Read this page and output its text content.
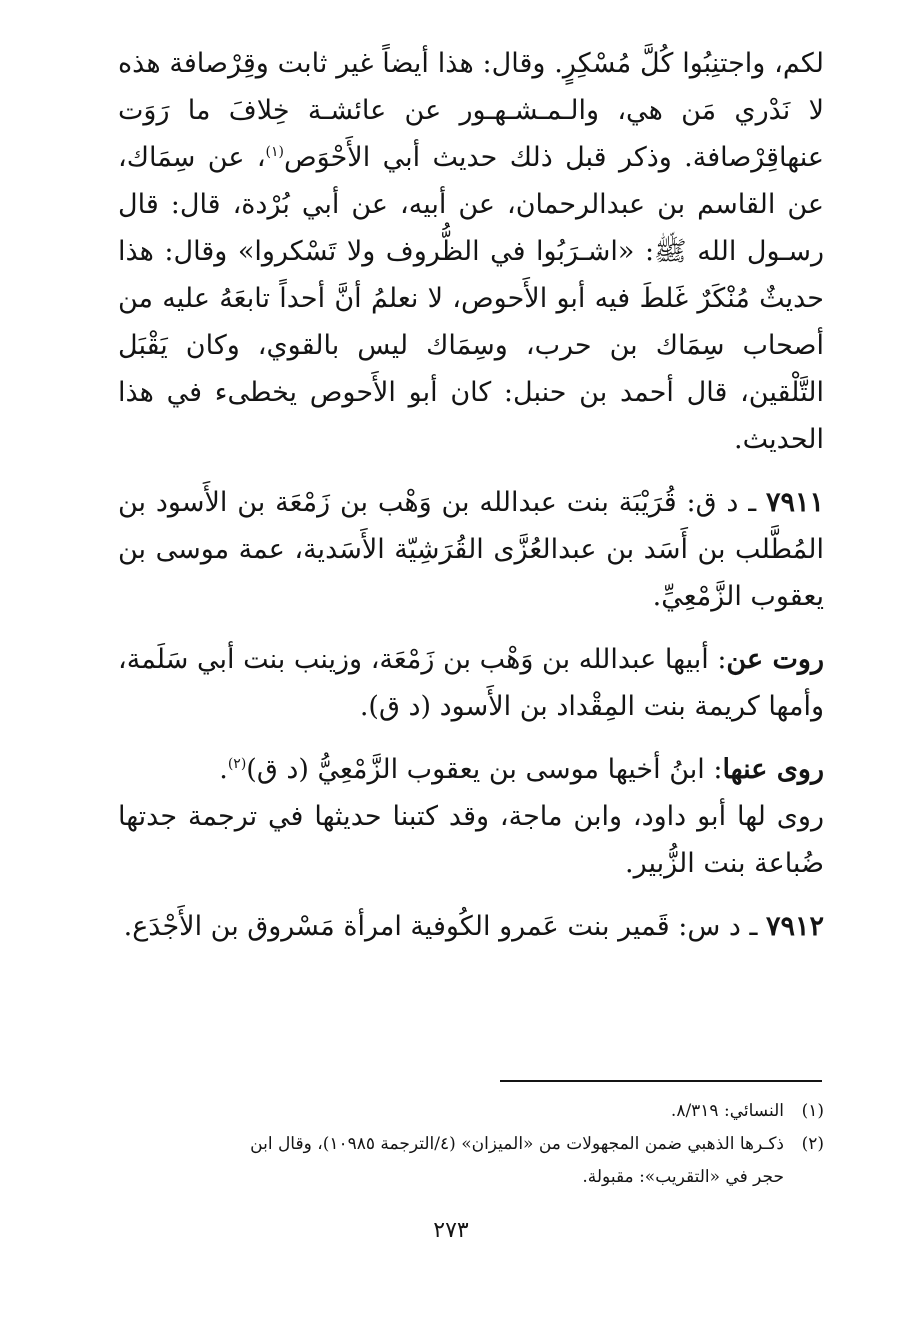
لكم، واجتنِبُوا كُلَّ مُسْكِرٍ. وقال: هذا أيضاً غير ثابت وقِرْصافة هذه لا نَدْري مَن هي، والـمـشـهـور عن عائشـة خِلافَ ما رَوَت عنهاقِرْصافة. وذكر قبل ذلك حديث أبي الأَحْوَص$^{(١)}$، عن سِمَاك، عن القاسم بن عبدالرحمان، عن أبيه، عن أبي بُرْدة، قال: قال رسـول الله ﷺ: «اشـرَبُوا في الظُّروف ولا تَسْكروا» وقال: هذا حديثٌ مُنْكَرٌ غَلطَ فيه أبو الأَحوص، لا نعلمُ أنَّ أحداً تابعَهُ عليه من أصحاب سِمَاك بن حرب، وسِمَاك ليس بالقوي، وكان يَقْبَل التَّلْقين، قال أحمد بن حنبل: كان أبو الأَحوص يخطىء في هذا الحديث.

٧٩١١ ـ د ق: قُرَيْبَة بنت عبدالله بن وَهْب بن زَمْعَة بن الأَسود بن المُطَّلب بن أَسَد بن عبدالعُزَّى القُرَشِيّة الأَسَدية، عمة موسى بن يعقوب الزَّمْعِيِّ.

روت عن: أبيها عبدالله بن وَهْب بن زَمْعَة، وزينب بنت أبي سَلَمة، وأمها كريمة بنت المِقْداد بن الأَسود (د ق).

روى عنها: ابنُ أخيها موسى بن يعقوب الزَّمْعِيُّ (د ق)$^{(٢)}$.

روى لها أبو داود، وابن ماجة، وقد كتبنا حديثها في ترجمة جدتها ضُباعة بنت الزُّبير.

٧٩١٢ ـ د س: قَمير بنت عَمرو الكُوفية امرأة مَسْروق بن الأَجْدَع.

(١)النسائي: ٨/٣١٩.

(٢)ذكـرها الذهبي ضمن المجهولات من «الميزان» (٤/الترجمة ١٠٩٨٥)، وقال ابن

حجر في «التقريب»: مقبولة.

٢٧٣
